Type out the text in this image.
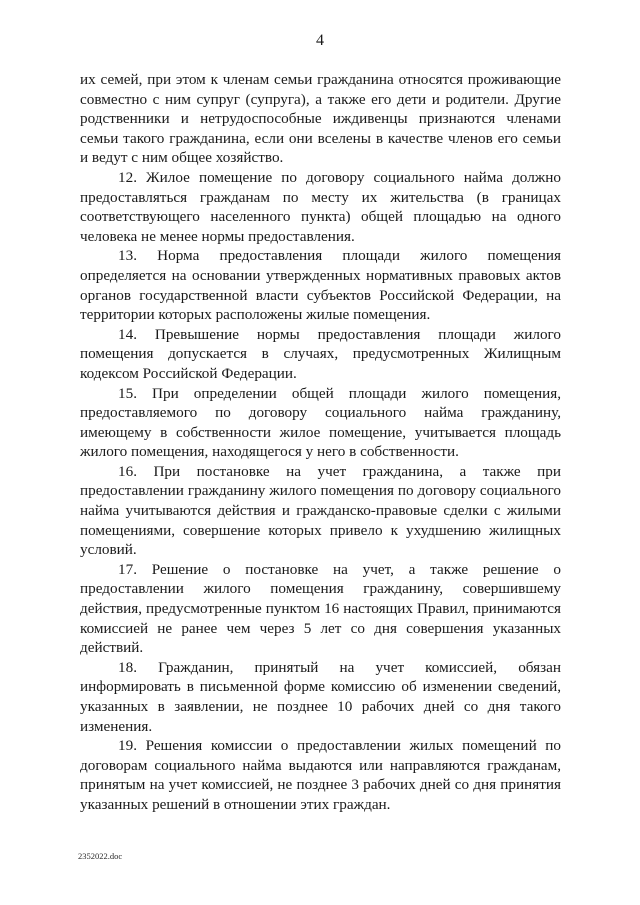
4

их семей, при этом к членам семьи гражданина относятся проживающие совместно с ним супруг (супруга), а также его дети и родители. Другие родственники и нетрудоспособные иждивенцы признаются членами семьи такого гражданина, если они вселены в качестве членов его семьи и ведут с ним общее хозяйство.

12. Жилое помещение по договору социального найма должно предоставляться гражданам по месту их жительства (в границах соответствующего населенного пункта) общей площадью на одного человека не менее нормы предоставления.

13. Норма предоставления площади жилого помещения определяется на основании утвержденных нормативных правовых актов органов государственной власти субъектов Российской Федерации, на территории которых расположены жилые помещения.

14. Превышение нормы предоставления площади жилого помещения допускается в случаях, предусмотренных Жилищным кодексом Российской Федерации.

15. При определении общей площади жилого помещения, предоставляемого по договору социального найма гражданину, имеющему в собственности жилое помещение, учитывается площадь жилого помещения, находящегося у него в собственности.

16. При постановке на учет гражданина, а также при предоставлении гражданину жилого помещения по договору социального найма учитываются действия и гражданско-правовые сделки с жилыми помещениями, совершение которых привело к ухудшению жилищных условий.

17. Решение о постановке на учет, а также решение о предоставлении жилого помещения гражданину, совершившему действия, предусмотренные пунктом 16 настоящих Правил, принимаются комиссией не ранее чем через 5 лет со дня совершения указанных действий.

18. Гражданин, принятый на учет комиссией, обязан информировать в письменной форме комиссию об изменении сведений, указанных в заявлении, не позднее 10 рабочих дней со дня такого изменения.

19. Решения комиссии о предоставлении жилых помещений по договорам социального найма выдаются или направляются гражданам, принятым на учет комиссией, не позднее 3 рабочих дней со дня принятия указанных решений в отношении этих граждан.

2352022.doc
